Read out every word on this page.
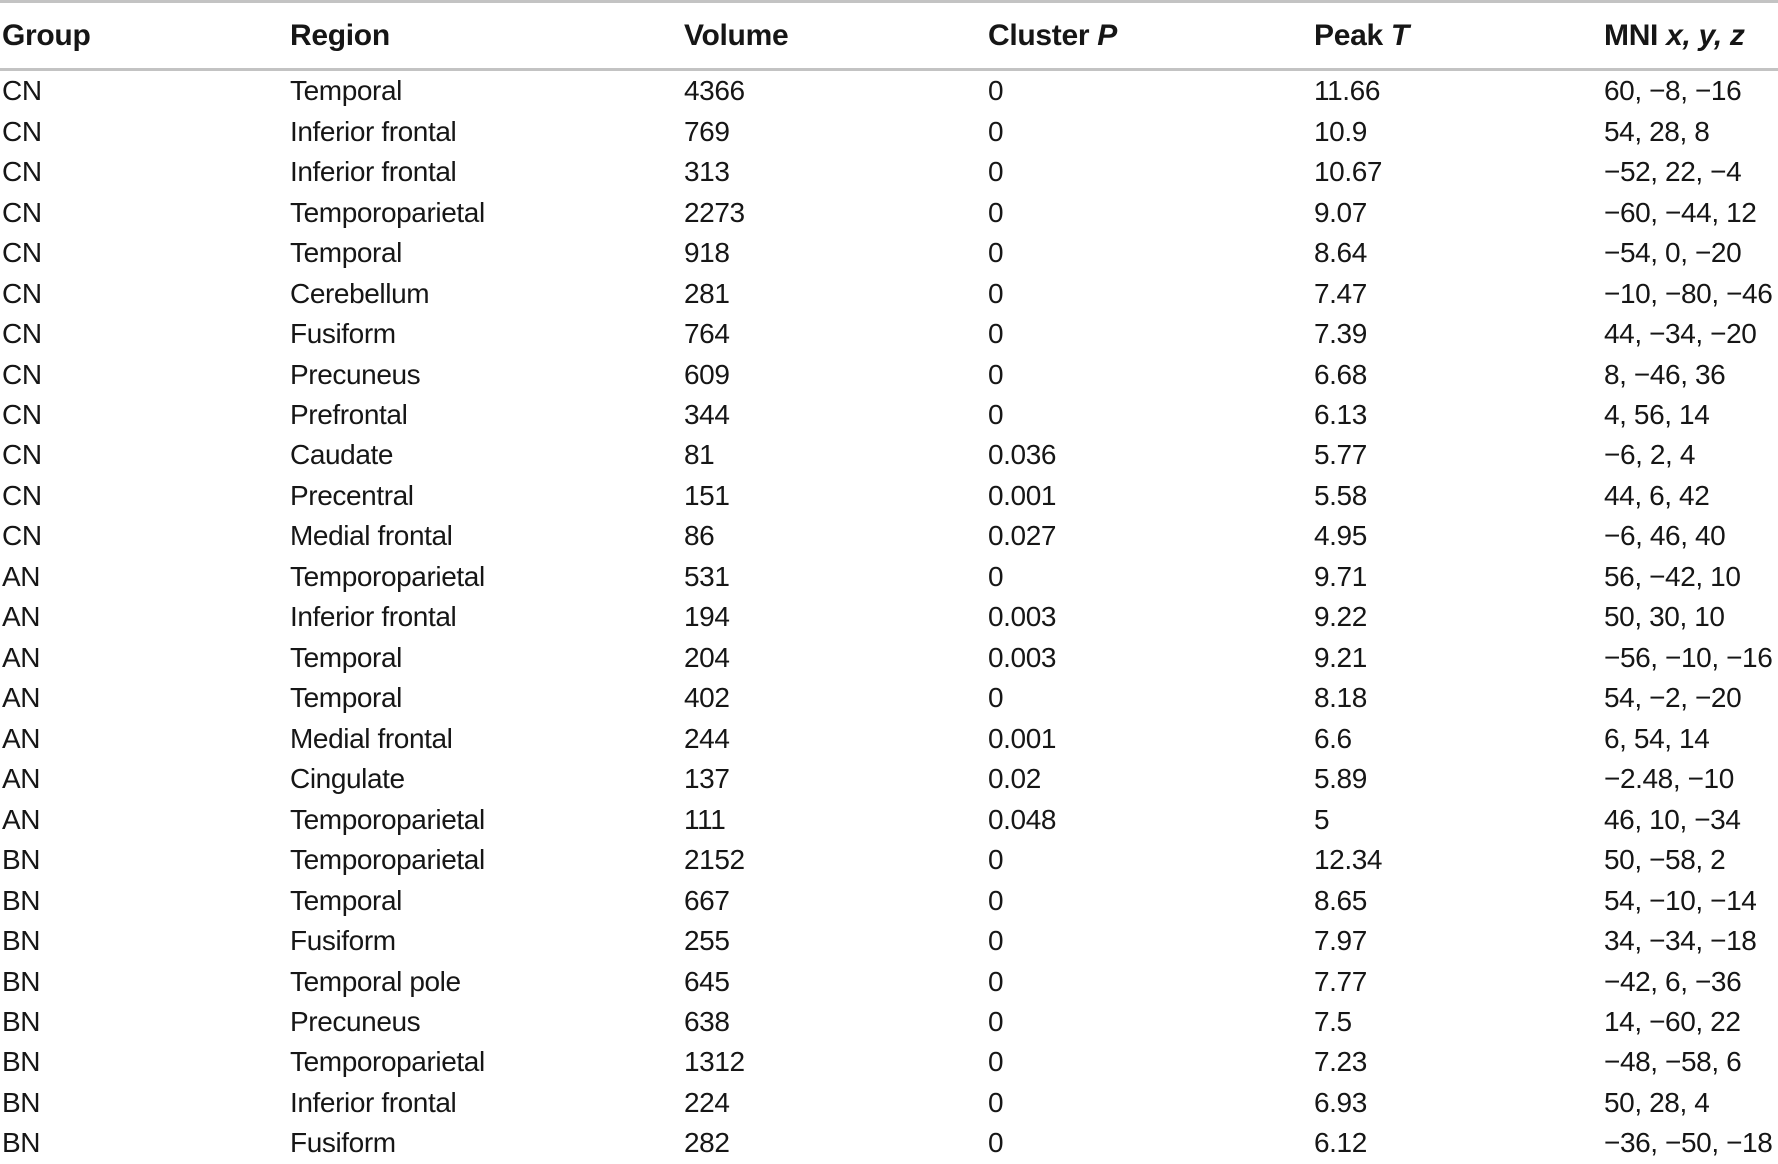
Group	Region	Volume	Cluster P	Peak T	MNI x, y, z
CN	Temporal	4366	0	11.66	60, −8, −16
CN	Inferior frontal	769	0	10.9	54, 28, 8
CN	Inferior frontal	313	0	10.67	−52, 22, −4
CN	Temporoparietal	2273	0	9.07	−60, −44, 12
CN	Temporal	918	0	8.64	−54, 0, −20
CN	Cerebellum	281	0	7.47	−10, −80, −46
CN	Fusiform	764	0	7.39	44, −34, −20
CN	Precuneus	609	0	6.68	8, −46, 36
CN	Prefrontal	344	0	6.13	4, 56, 14
CN	Caudate	81	0.036	5.77	−6, 2, 4
CN	Precentral	151	0.001	5.58	44, 6, 42
CN	Medial frontal	86	0.027	4.95	−6, 46, 40
AN	Temporoparietal	531	0	9.71	56, −42, 10
AN	Inferior frontal	194	0.003	9.22	50, 30, 10
AN	Temporal	204	0.003	9.21	−56, −10, −16
AN	Temporal	402	0	8.18	54, −2, −20
AN	Medial frontal	244	0.001	6.6	6, 54, 14
AN	Cingulate	137	0.02	5.89	−2.48, −10
AN	Temporoparietal	111	0.048	5	46, 10, −34
BN	Temporoparietal	2152	0	12.34	50, −58, 2
BN	Temporal	667	0	8.65	54, −10, −14
BN	Fusiform	255	0	7.97	34, −34, −18
BN	Temporal pole	645	0	7.77	−42, 6, −36
BN	Precuneus	638	0	7.5	14, −60, 22
BN	Temporoparietal	1312	0	7.23	−48, −58, 6
BN	Inferior frontal	224	0	6.93	50, 28, 4
BN	Fusiform	282	0	6.12	−36, −50, −18
